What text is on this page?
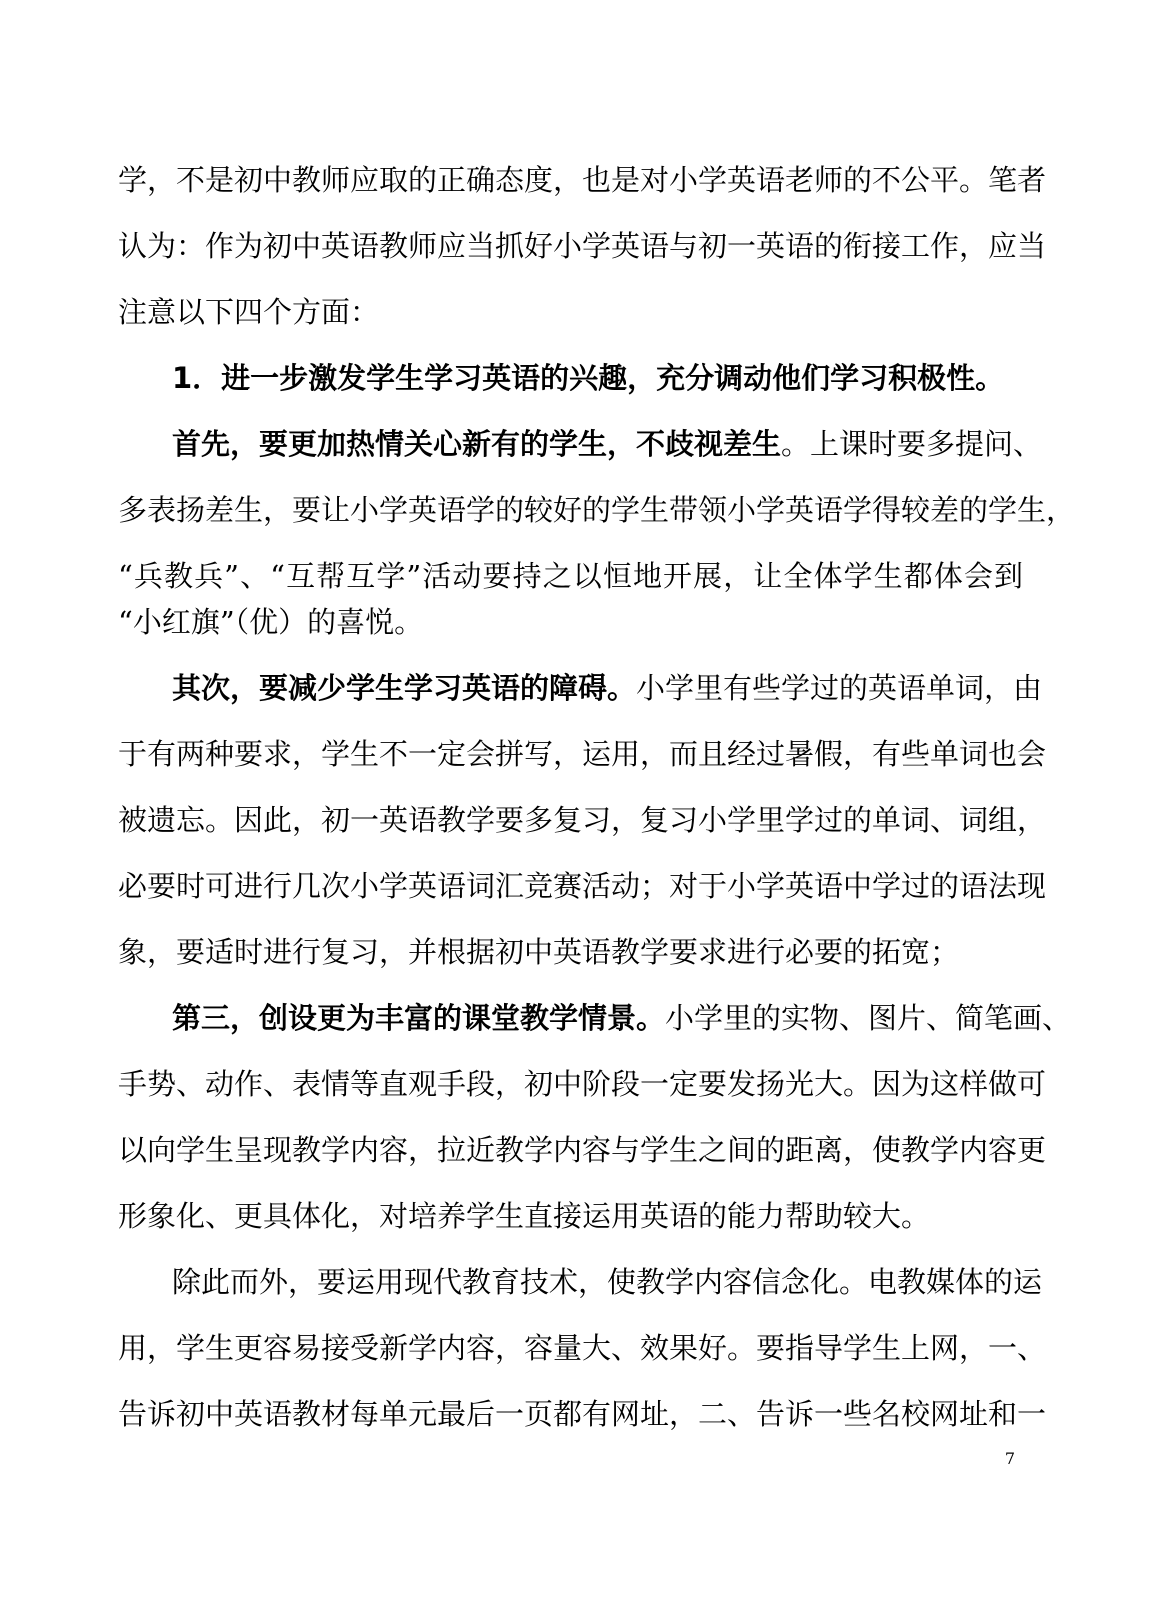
学，不是初中教师应取的正确态度，也是对小学英语老师的不公平。笔者
认为：作为初中英语教师应当抓好小学英语与初一英语的衔接工作，应当
注意以下四个方面：
1．进一步激发学生学习英语的兴趣，充分调动他们学习积极性。
首先，要更加热情关心新有的学生，不歧视差生。上课时要多提问、
多表扬差生，要让小学英语学的较好的学生带领小学英语学得较差的学生，
“兵教兵”、“互帮互学”活动要持之以恒地开展，让全体学生都体会到
“小红旗”（优）的喜悦。
其次，要减少学生学习英语的障碍。小学里有些学过的英语单词，由
于有两种要求，学生不一定会拼写，运用，而且经过暑假，有些单词也会
被遗忘。因此，初一英语教学要多复习，复习小学里学过的单词、词组，
必要时可进行几次小学英语词汇竞赛活动；对于小学英语中学过的语法现
象，要适时进行复习，并根据初中英语教学要求进行必要的拓宽；
第三，创设更为丰富的课堂教学情景。小学里的实物、图片、简笔画、
手势、动作、表情等直观手段，初中阶段一定要发扬光大。因为这样做可
以向学生呈现教学内容，拉近教学内容与学生之间的距离，使教学内容更
形象化、更具体化，对培养学生直接运用英语的能力帮助较大。
除此而外，要运用现代教育技术，使教学内容信念化。电教媒体的运
用，学生更容易接受新学内容，容量大、效果好。要指导学生上网，一、
告诉初中英语教材每单元最后一页都有网址，二、告诉一些名校网址和一
7
